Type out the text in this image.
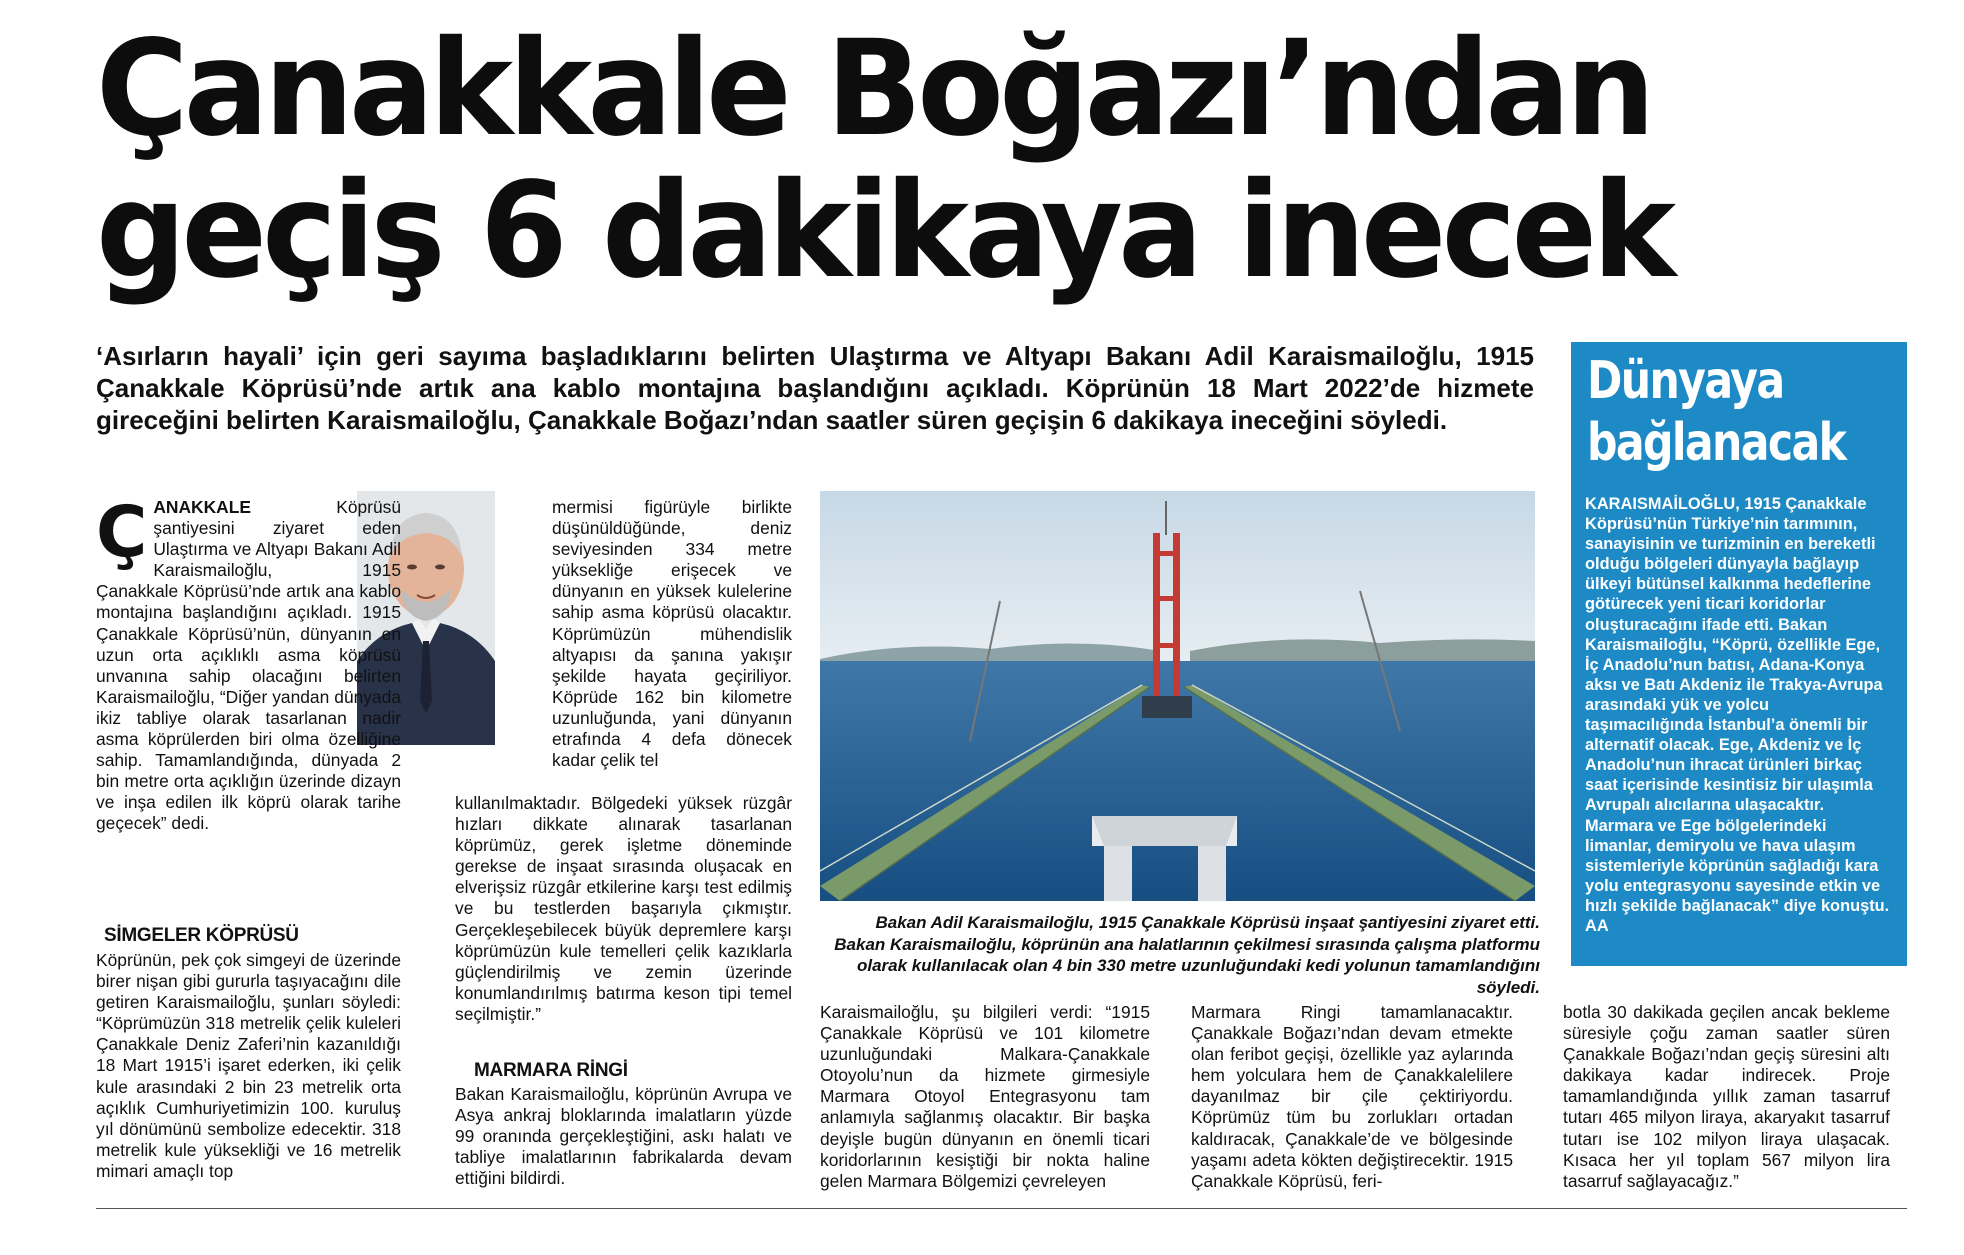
Çanakkale Boğazı’ndan
geçiş 6 dakikaya inecek

‘Asırların hayali’ için geri sayıma başladıklarını belirten Ulaştırma ve Altyapı Bakanı Adil Karaismailoğlu, 1915 Çanakkale Köprüsü’nde artık ana kablo montajına başlandığını açıkladı. Köprünün 18 Mart 2022’de hizmete gireceğini belirten Karaismailoğlu, Çanakkale Boğazı’ndan saatler süren geçişin 6 dakikaya ineceğini söyledi.

Ç ANAKKALE	Köprüsü şantiyesini ziyaret eden Ulaştırma ve Altyapı Bakanı Adil Karaismailoğlu, 1915 Çanakkale Köprüsü’nde artık ana kablo montajına başlandığını açıkladı. 1915 Çanakkale Köprüsü’nün, dünyanın en uzun orta açıklıklı asma köprüsü unvanına sahip olacağını belirten Karaismailoğlu, “Diğer yandan dünyada ikiz tabliye olarak tasarlanan nadir asma köprülerden biri olma özelliğine sahip. Tamamlandığında, dünyada 2 bin metre orta açıklığın üzerinde dizayn ve inşa edilen ilk köprü olarak tarihe geçecek” dedi.

SİMGELER KÖPRÜSÜ

Köprünün, pek çok simgeyi de üzerinde birer nişan gibi gururla taşıyacağını dile getiren Karaismailoğlu, şunları söyledi: “Köprümüzün 318 metrelik çelik kuleleri Çanakkale Deniz Zaferi’nin kazanıldığı 18 Mart 1915’i işaret ederken, iki çelik kule arasındaki 2 bin 23 metrelik orta açıklık Cumhuriyetimizin 100. kuruluş yıl dönümünü sembolize edecektir. 318 metrelik kule yüksekliği ve 16 metrelik mimari amaçlı top

mermisi figürüyle birlikte düşünüldüğünde, deniz seviyesinden 334 metre yüksekliğe erişecek ve dünyanın en yüksek kulelerine sahip asma köprüsü olacaktır. Köprümüzün mühendislik altyapısı da şanına yakışır şekilde hayata geçiriliyor. Köprüde 162 bin kilometre uzunluğunda, yani dünyanın etrafında 4 defa dönecek kadar çelik tel

kullanılmaktadır. Bölgedeki yüksek rüzgâr hızları dikkate alınarak tasarlanan köprümüz, gerek işletme döneminde gerekse de inşaat sırasında oluşacak en elverişsiz rüzgâr etkilerine karşı test edilmiş ve bu testlerden başarıyla çıkmıştır. Gerçekleşebilecek büyük depremlere karşı köprümüzün kule temelleri çelik kazıklarla güçlendirilmiş ve zemin üzerinde konumlandırılmış batırma keson tipi temel seçilmiştir.”

MARMARA RİNGİ

Bakan Karaismailoğlu, köprünün Avrupa ve Asya ankraj bloklarında imalatların yüzde 99 oranında gerçekleştiğini, askı halatı ve tabliye imalatlarının fabrikalarda devam ettiğini bildirdi.

Bakan Adil Karaismailoğlu, 1915 Çanakkale Köprüsü inşaat şantiyesini ziyaret etti. Bakan Karaismailoğlu, köprünün ana halatlarının çekilmesi sırasında çalışma platformu olarak kullanılacak olan 4 bin 330 metre uzunluğundaki kedi yolunun tamamlandığını söyledi.

Karaismailoğlu, şu bilgileri verdi: “1915 Çanakkale Köprüsü ve 101 kilometre uzunluğundaki Malkara-Çanakkale Otoyolu’nun da hizmete girmesiyle Marmara Otoyol Entegrasyonu tam anlamıyla sağlanmış olacaktır. Bir başka deyişle bugün dünyanın en önemli ticari koridorlarının kesiştiği bir nokta haline gelen Marmara Bölgemizi çevreleyen

Marmara Ringi tamamlanacaktır. Çanakkale Boğazı’ndan devam etmekte olan feribot geçişi, özellikle yaz aylarında hem yolculara hem de Çanakkalelilere dayanılmaz bir çile çektiriyordu. Köprümüz tüm bu zorlukları ortadan kaldıracak, Çanakkale’de ve bölgesinde yaşamı adeta kökten değiştirecektir. 1915 Çanakkale Köprüsü, feri-

botla 30 dakikada geçilen ancak bekleme süresiyle çoğu zaman saatler süren Çanakkale Boğazı’ndan geçiş süresini altı dakikaya kadar indirecek. Proje tamamlandığında yıllık zaman tasarruf tutarı 465 milyon liraya, akaryakıt tasarruf tutarı ise 102 milyon liraya ulaşacak. Kısaca her yıl toplam 567 milyon lira tasarruf sağlayacağız.”

Dünyaya
bağlanacak

KARAISMAİLOĞLU, 1915 Çanakkale Köprüsü’nün Türkiye’nin tarımının, sanayisinin ve turizminin en bereketli olduğu bölgeleri dünyayla bağlayıp ülkeyi bütünsel kalkınma hedeflerine götürecek yeni ticari koridorlar oluşturacağını ifade etti. Bakan Karaismailoğlu, “Köprü, özellikle Ege, İç Anadolu’nun batısı, Adana-Konya aksı ve Batı Akdeniz ile Trakya-Avrupa arasındaki yük ve yolcu taşımacılığında İstanbul’a önemli bir alternatif olacak. Ege, Akdeniz ve İç Anadolu’nun ihracat ürünleri birkaç saat içerisinde kesintisiz bir ulaşımla Avrupalı alıcılarına ulaşacaktır. Marmara ve Ege bölgelerindeki limanlar, demiryolu ve hava ulaşım sistemleriyle köprünün sağladığı kara yolu entegrasyonu sayesinde etkin ve hızlı şekilde bağlanacak” diye konuştu. AA
